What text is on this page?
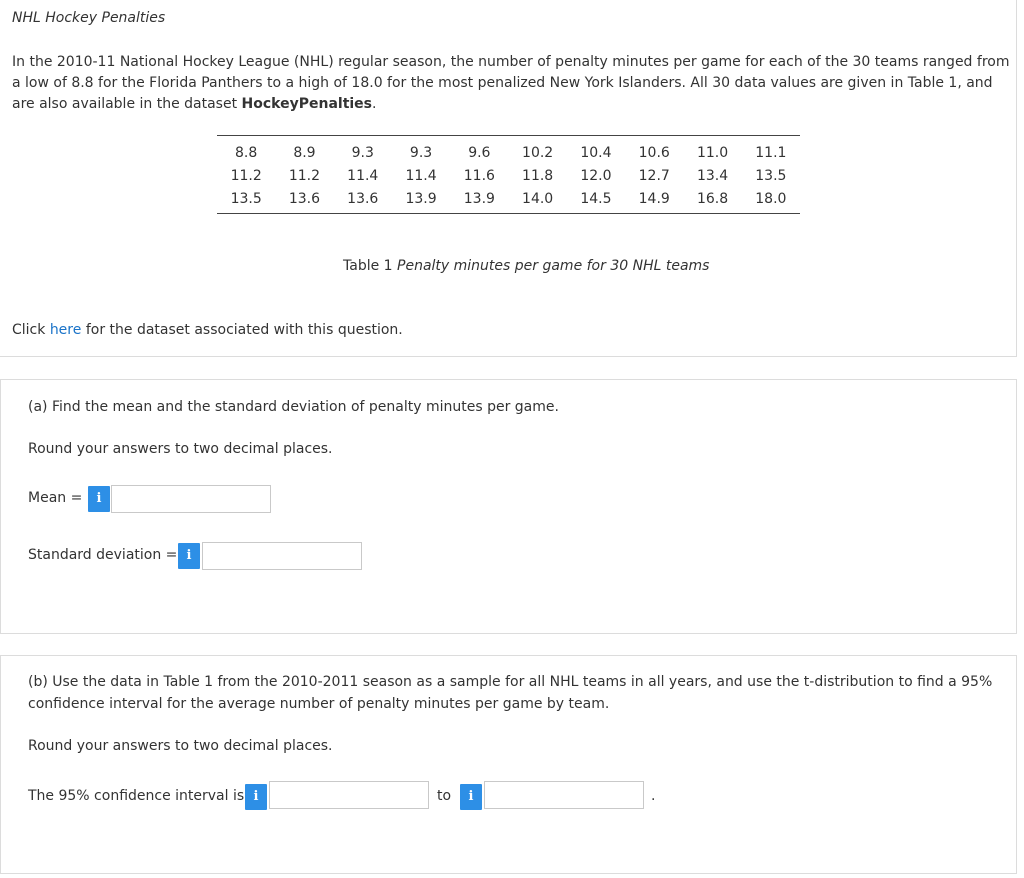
NHL Hockey Penalties
In the 2010-11 National Hockey League (NHL) regular season, the number of penalty minutes per game for each of the 30 teams ranged from a low of 8.8 for the Florida Panthers to a high of 18.0 for the most penalized New York Islanders. All 30 data values are given in Table 1, and are also available in the dataset HockeyPenalties.
8.8	8.9	9.3	9.3	9.6	10.2	10.4	10.6	11.0	11.1
11.2	11.2	11.4	11.4	11.6	11.8	12.0	12.7	13.4	13.5
13.5	13.6	13.6	13.9	13.9	14.0	14.5	14.9	16.8	18.0
Table 1 Penalty minutes per game for 30 NHL teams
Click here for the dataset associated with this question.
(a) Find the mean and the standard deviation of penalty minutes per game.
Round your answers to two decimal places.
Mean =	i
Standard deviation = i
(b) Use the data in Table 1 from the 2010-2011 season as a sample for all NHL teams in all years, and use the t-distribution to find a 95%
confidence interval for the average number of penalty minutes per game by team.
Round your answers to two decimal places.
The 95% confidence interval is i	to	i	.
